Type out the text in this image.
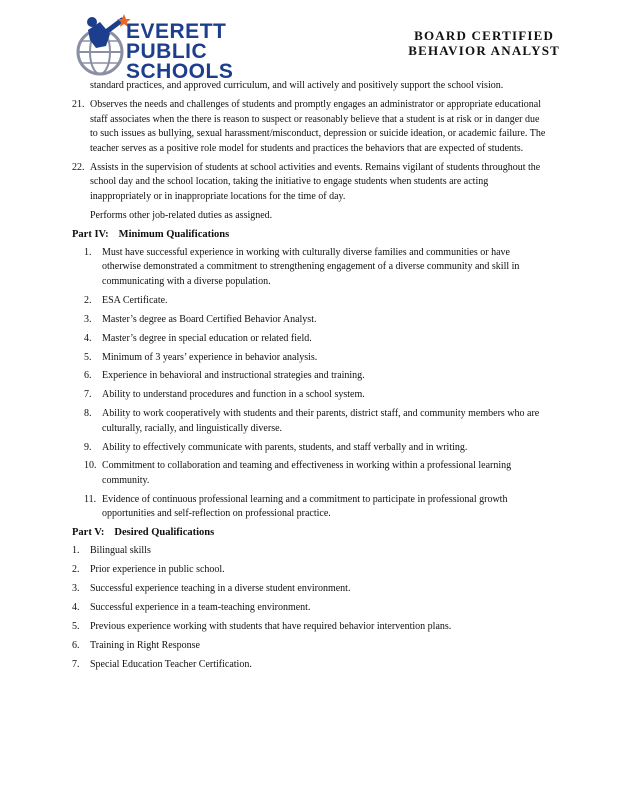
EVERETT
PUBLIC
SCHOOLS
BOARD CERTIFIED
BEHAVIOR ANALYST

standard practices, and approved curriculum, and will actively and positively support the school vision.

21. Observes the needs and challenges of students and promptly engages an administrator or appropriate educational staff associates when the there is reason to suspect or reasonably believe that a student is at risk or in danger due to such issues as bullying, sexual harassment/misconduct, depression or suicide ideation, or academic failure. The teacher serves as a positive role model for students and practices the behaviors that are expected of students.
22. Assists in the supervision of students at school activities and events. Remains vigilant of students throughout the school day and the school location, taking the initiative to engage students when students are acting inappropriately or in inappropriate locations for the time of day.

Performs other job-related duties as assigned.

Part IV: Minimum Qualifications
1. Must have successful experience in working with culturally diverse families and communities or have otherwise demonstrated a commitment to strengthening engagement of a diverse community and skill in communicating with a diverse population.
2. ESA Certificate.
3. Master’s degree as Board Certified Behavior Analyst.
4. Master’s degree in special education or related field.
5. Minimum of 3 years’ experience in behavior analysis.
6. Experience in behavioral and instructional strategies and training.
7. Ability to understand procedures and function in a school system.
8. Ability to work cooperatively with students and their parents, district staff, and community members who are culturally, racially, and linguistically diverse.
9. Ability to effectively communicate with parents, students, and staff verbally and in writing.
10. Commitment to collaboration and teaming and effectiveness in working within a professional learning community.
11. Evidence of continuous professional learning and a commitment to participate in professional growth opportunities and self-reflection on professional practice.
Part V: Desired Qualifications
1. Bilingual skills
2. Prior experience in public school.
3. Successful experience teaching in a diverse student environment.
4. Successful experience in a team-teaching environment.
5. Previous experience working with students that have required behavior intervention plans.
6. Training in Right Response
7. Special Education Teacher Certification.
